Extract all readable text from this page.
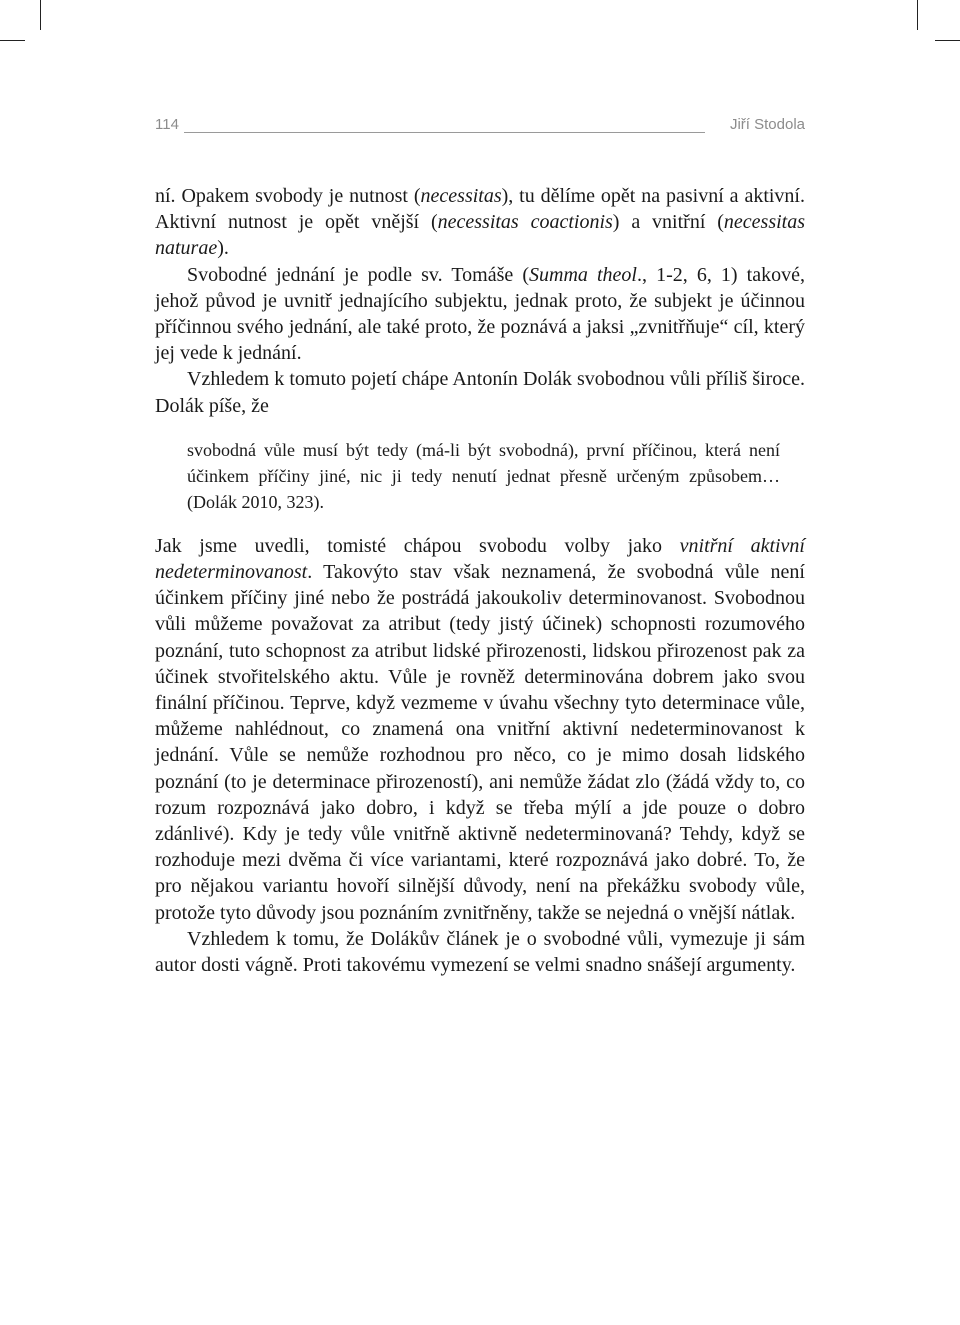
114	Jiří Stodola

ní. Opakem svobody je nutnost (necessitas), tu dělíme opět na pasivní a aktivní. Aktivní nutnost je opět vnější (necessitas coactionis) a vnitřní (necessitas naturae).

Svobodné jednání je podle sv. Tomáše (Summa theol., 1-2, 6, 1) takové, jehož původ je uvnitř jednajícího subjektu, jednak proto, že subjekt je účinnou příčinnou svého jednání, ale také proto, že poznává a jaksi „zvnitřňuje“ cíl, který jej vede k jednání.

Vzhledem k tomuto pojetí chápe Antonín Dolák svobodnou vůli příliš široce. Dolák píše, že

svobodná vůle musí být tedy (má-li být svobodná), první příčinou, která není účinkem příčiny jiné, nic ji tedy nenutí jednat přesně určeným způsobem… (Dolák 2010, 323).

Jak jsme uvedli, tomisté chápou svobodu volby jako vnitřní aktivní nedeterminovanost. Takovýto stav však neznamená, že svobodná vůle není účinkem příčiny jiné nebo že postrádá jakoukoliv determinovanost. Svobodnou vůli můžeme považovat za atribut (tedy jistý účinek) schopnosti rozumového poznání, tuto schopnost za atribut lidské přirozenosti, lidskou přirozenost pak za účinek stvořitelského aktu. Vůle je rovněž determinována dobrem jako svou finální příčinou. Teprve, když vezmeme v úvahu všechny tyto determinace vůle, můžeme nahlédnout, co znamená ona vnitřní aktivní nedeterminovanost k jednání. Vůle se nemůže rozhodnou pro něco, co je mimo dosah lidského poznání (to je determinace přirozeností), ani nemůže žádat zlo (žádá vždy to, co rozum rozpoznává jako dobro, i když se třeba mýlí a jde pouze o dobro zdánlivé). Kdy je tedy vůle vnitřně aktivně nedeterminovaná? Tehdy, když se rozhoduje mezi dvěma či více variantami, které rozpoznává jako dobré. To, že pro nějakou variantu hovoří silnější důvody, není na překážku svobody vůle, protože tyto důvody jsou poznáním zvnitřněny, takže se nejedná o vnější nátlak.

Vzhledem k tomu, že Dolákův článek je o svobodné vůli, vymezuje ji sám autor dosti vágně. Proti takovému vymezení se velmi snadno snášejí argumenty.
